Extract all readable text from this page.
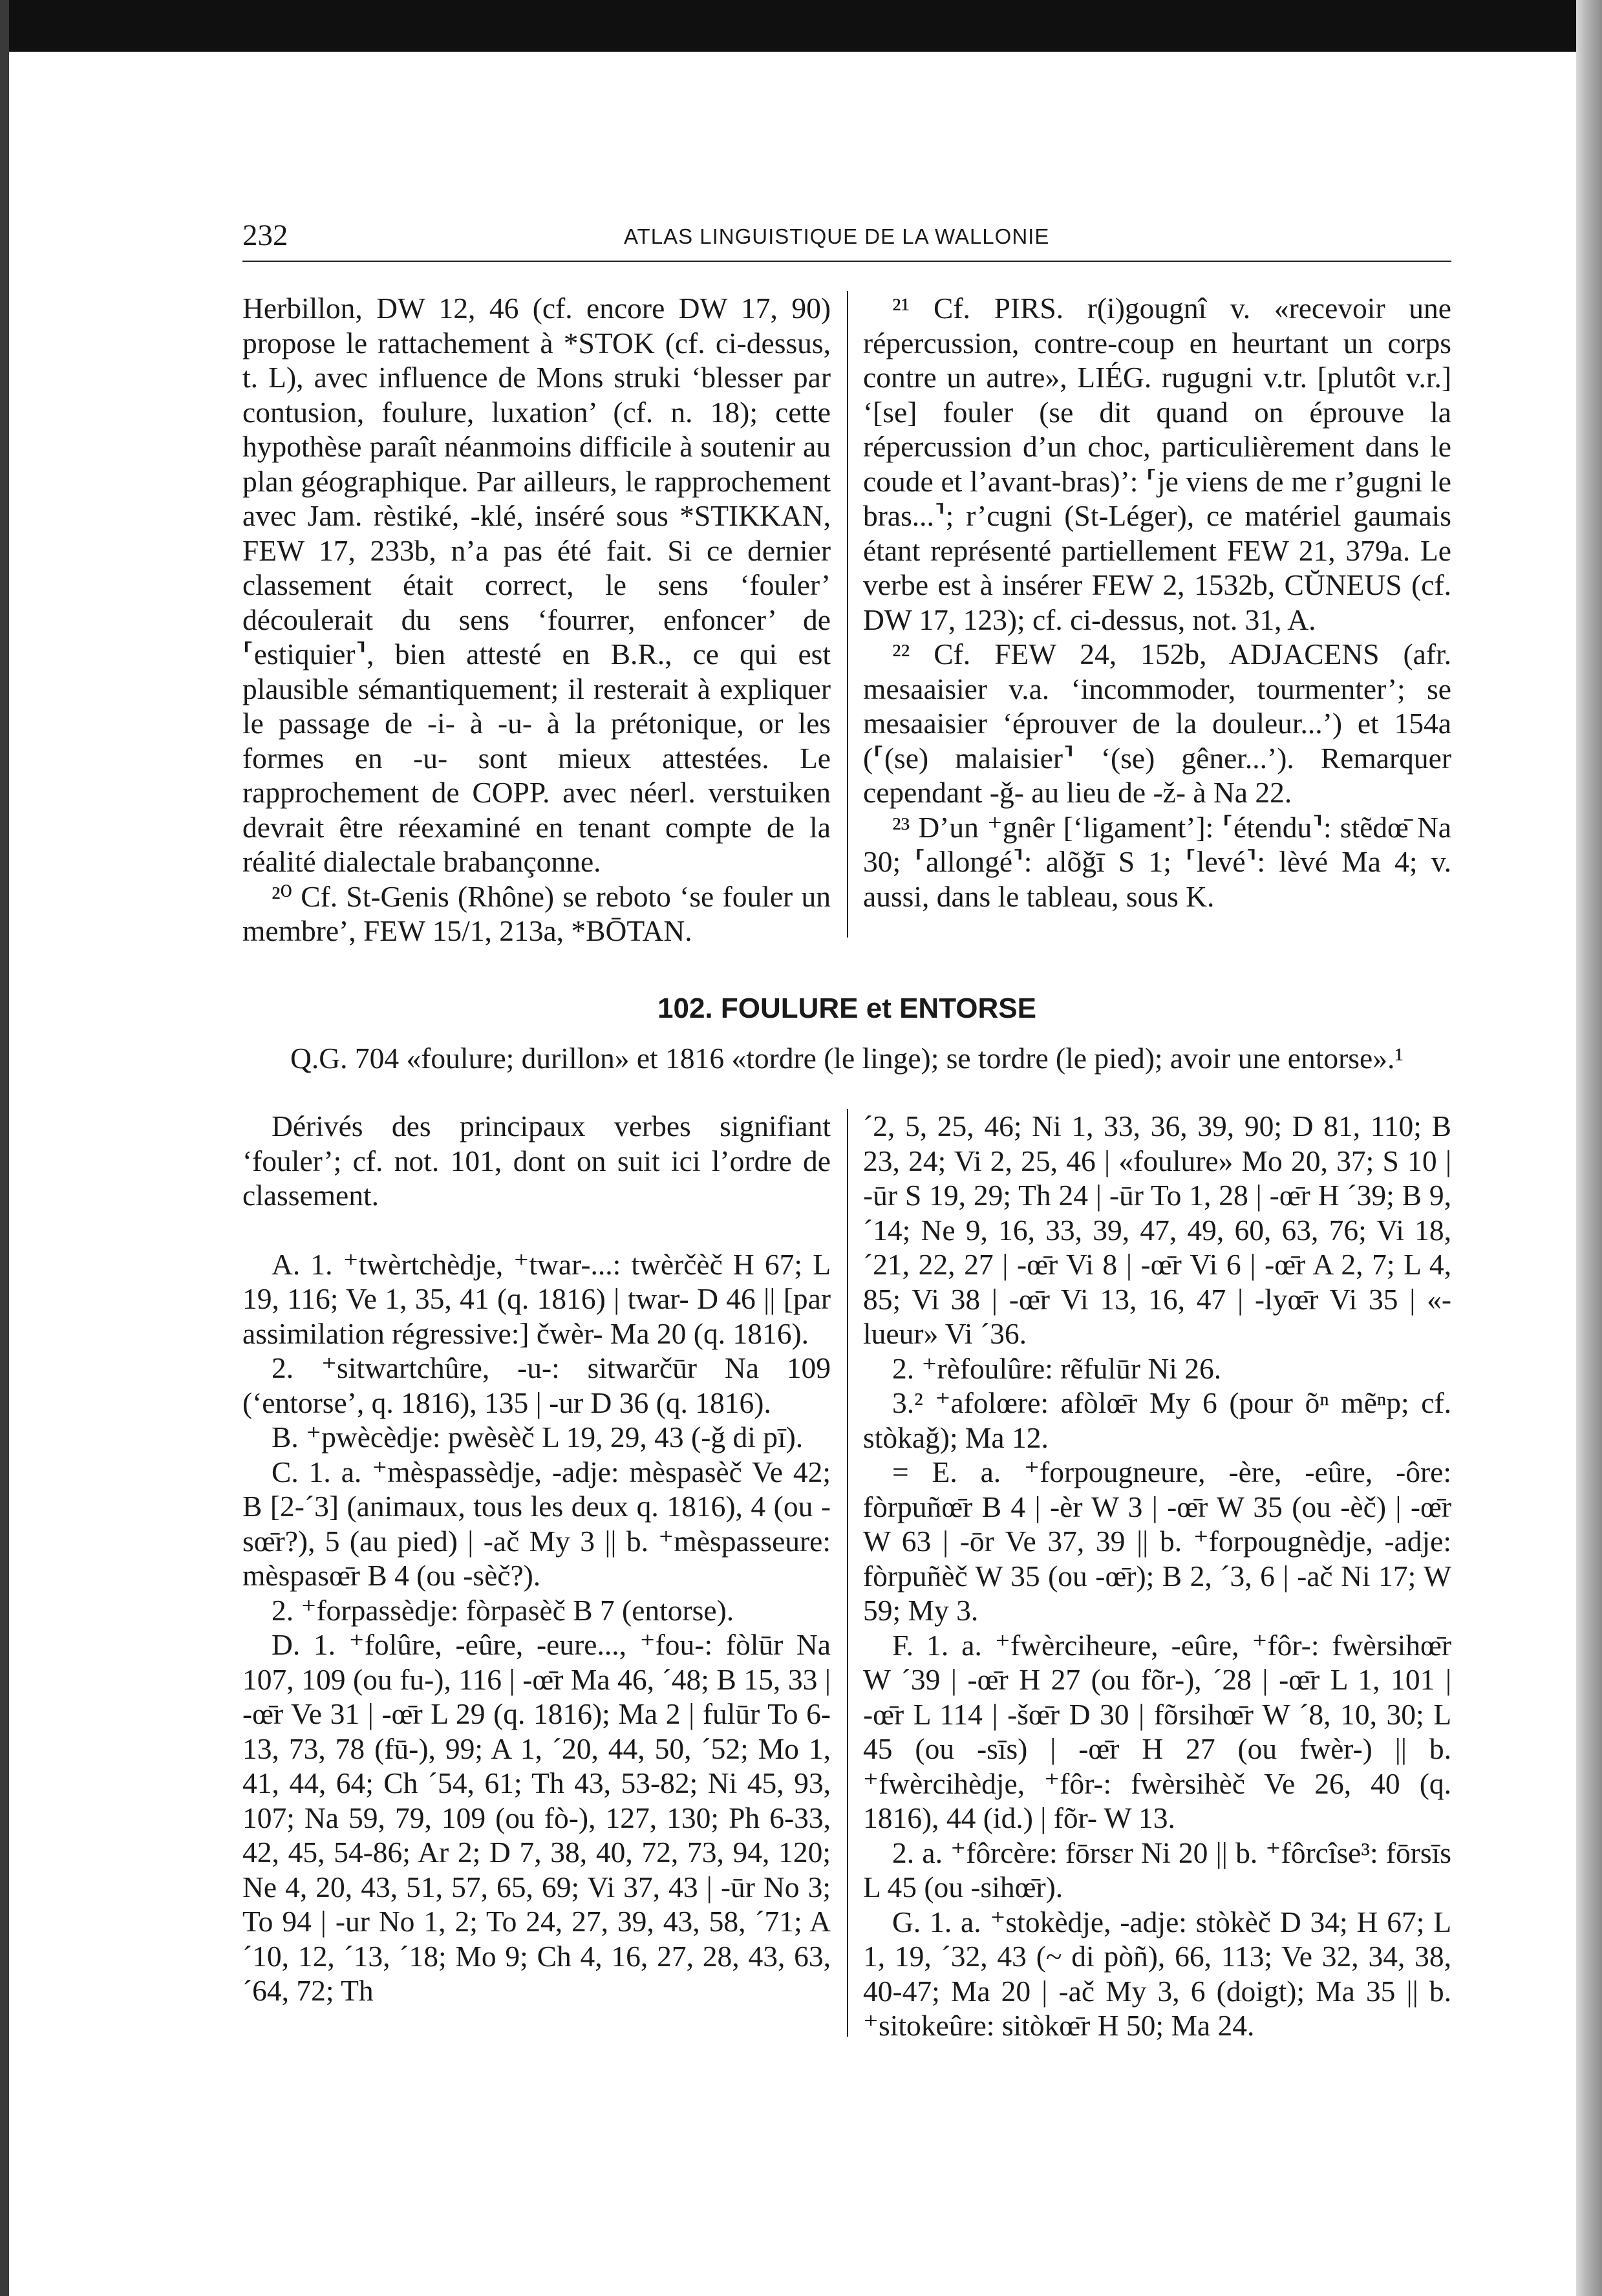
232	ATLAS LINGUISTIQUE DE LA WALLONIE

Herbillon, DW 12, 46 (cf. encore DW 17, 90) propose le rattachement à *STOK (cf. ci-dessus, t. L), avec influence de Mons struki ‘blesser par contusion, foulure, luxation’ (cf. n. 18); cette hypothèse paraît néanmoins difficile à soutenir au plan géographique. Par ailleurs, le rapprochement avec Jam. rèstiké, -klé, inséré sous *STIKKAN, FEW 17, 233b, n’a pas été fait. Si ce dernier classement était correct, le sens ‘fouler’ découlerait du sens ‘fourrer, enfoncer’ de ⸢estiquier⸣, bien attesté en B.R., ce qui est plausible sémantiquement; il resterait à expliquer le passage de -i- à -u- à la prétonique, or les formes en -u- sont mieux attestées. Le rapprochement de COPP. avec néerl. verstuiken devrait être réexaminé en tenant compte de la réalité dialectale brabançonne.

²⁰ Cf. St-Genis (Rhône) se reboto ‘se fouler un membre’, FEW 15/1, 213a, *BŌTAN.

²¹ Cf. PIRS. r(i)gougnî v. «recevoir une répercussion, contre-coup en heurtant un corps contre un autre», LIÉG. rugugni v.tr. [plutôt v.r.] ‘[se] fouler (se dit quand on éprouve la répercussion d’un choc, particulièrement dans le coude et l’avant-bras)’: ⸢je viens de me r’gugni le bras...⸣; r’cugni (St-Léger), ce matériel gaumais étant représenté partiellement FEW 21, 379a. Le verbe est à insérer FEW 2, 1532b, CŬNEUS (cf. DW 17, 123); cf. ci-dessus, not. 31, A.

²² Cf. FEW 24, 152b, ADJACENS (afr. mesaaisier v.a. ‘incommoder, tourmenter’; se mesaaisier ‘éprouver de la douleur...’) et 154a (⸢(se) malaisier⸣ ‘(se) gêner...’). Remarquer cependant -ǧ- au lieu de -ž- à Na 22.

²³ D’un ⁺gnêr [‘ligament’]: ⸢étendu⸣: stẽdœ̄ Na 30; ⸢allongé⸣: alõǧī S 1; ⸢levé⸣: lèvé Ma 4; v. aussi, dans le tableau, sous K.

102. FOULURE et ENTORSE
Q.G. 704 «foulure; durillon» et 1816 «tordre (le linge); se tordre (le pied); avoir une entorse».¹

Dérivés des principaux verbes signifiant ‘fouler’; cf. not. 101, dont on suit ici l’ordre de classement.

A. 1. ⁺twèrtchèdje, ⁺twar-...: twèrčèč H 67; L 19, 116; Ve 1, 35, 41 (q. 1816) | twar- D 46 || [par assimilation régressive:] čwèr- Ma 20 (q. 1816).

2. ⁺sitwartchûre, -u-: sitwarčūr Na 109 (‘entorse’, q. 1816), 135 | -ur D 36 (q. 1816).

B. ⁺pwècèdje: pwèsèč L 19, 29, 43 (-ǧ di pī).

C. 1. a. ⁺mèspassèdje, -adje: mèspasèč Ve 42; B [2-´3] (animaux, tous les deux q. 1816), 4 (ou -sœ̄r?), 5 (au pied) | -ač My 3 || b. ⁺mèspasseure: mèspasœ̄r B 4 (ou -sèč?).

2. ⁺forpassèdje: fòrpasèč B 7 (entorse).

D. 1. ⁺folûre, -eûre, -eure..., ⁺fou-: fòlūr Na 107, 109 (ou fu-), 116 | -œ̄r Ma 46, ´48; B 15, 33 | -œ̄r Ve 31 | -œ̄r L 29 (q. 1816); Ma 2 | fulūr To 6-13, 73, 78 (fū-), 99; A 1, ´20, 44, 50, ´52; Mo 1, 41, 44, 64; Ch ´54, 61; Th 43, 53-82; Ni 45, 93, 107; Na 59, 79, 109 (ou fò-), 127, 130; Ph 6-33, 42, 45, 54-86; Ar 2; D 7, 38, 40, 72, 73, 94, 120; Ne 4, 20, 43, 51, 57, 65, 69; Vi 37, 43 | -ūr No 3; To 94 | -ur No 1, 2; To 24, 27, 39, 43, 58, ´71; A ´10, 12, ´13, ´18; Mo 9; Ch 4, 16, 27, 28, 43, 63, ´64, 72; Th

´2, 5, 25, 46; Ni 1, 33, 36, 39, 90; D 81, 110; B 23, 24; Vi 2, 25, 46 | «foulure» Mo 20, 37; S 10 | -ūr S 19, 29; Th 24 | -ūr To 1, 28 | -œ̄r H ´39; B 9, ´14; Ne 9, 16, 33, 39, 47, 49, 60, 63, 76; Vi 18, ´21, 22, 27 | -œ̄r Vi 8 | -œ̄r Vi 6 | -œ̄r A 2, 7; L 4, 85; Vi 38 | -œ̄r Vi 13, 16, 47 | -lyœ̄r Vi 35 | «-lueur» Vi ´36.

2. ⁺rèfoulûre: rẽfulūr Ni 26.

3.² ⁺afolœre: afòlœ̄r My 6 (pour õⁿ mẽⁿp; cf. stòkaǧ); Ma 12.

= E. a. ⁺forpougneure, -ère, -eûre, -ôre: fòrpuñœ̄r B 4 | -èr W 3 | -œ̄r W 35 (ou -èč) | -œ̄r W 63 | -ōr Ve 37, 39 || b. ⁺forpougnèdje, -adje: fòrpuñèč W 35 (ou -œ̄r); B 2, ´3, 6 | -ač Ni 17; W 59; My 3.

F. 1. a. ⁺fwèrciheure, -eûre, ⁺fôr-: fwèrsihœ̄r W ´39 | -œ̄r H 27 (ou fõr-), ´28 | -œ̄r L 1, 101 | -œ̄r L 114 | -šœ̄r D 30 | fõrsihœ̄r W ´8, 10, 30; L 45 (ou -sīs) | -œ̄r H 27 (ou fwèr-) || b. ⁺fwèrcihèdje, ⁺fôr-: fwèrsihèč Ve 26, 40 (q. 1816), 44 (id.) | fõr- W 13.

2. a. ⁺fôrcère: fōrsɛr Ni 20 || b. ⁺fôrcîse³: fōrsīs L 45 (ou -sihœ̄r).

G. 1. a. ⁺stokèdje, -adje: stòkèč D 34; H 67; L 1, 19, ´32, 43 (~ di pòñ), 66, 113; Ve 32, 34, 38, 40-47; Ma 20 | -ač My 3, 6 (doigt); Ma 35 || b. ⁺sitokeûre: sitòkœ̄r H 50; Ma 24.
